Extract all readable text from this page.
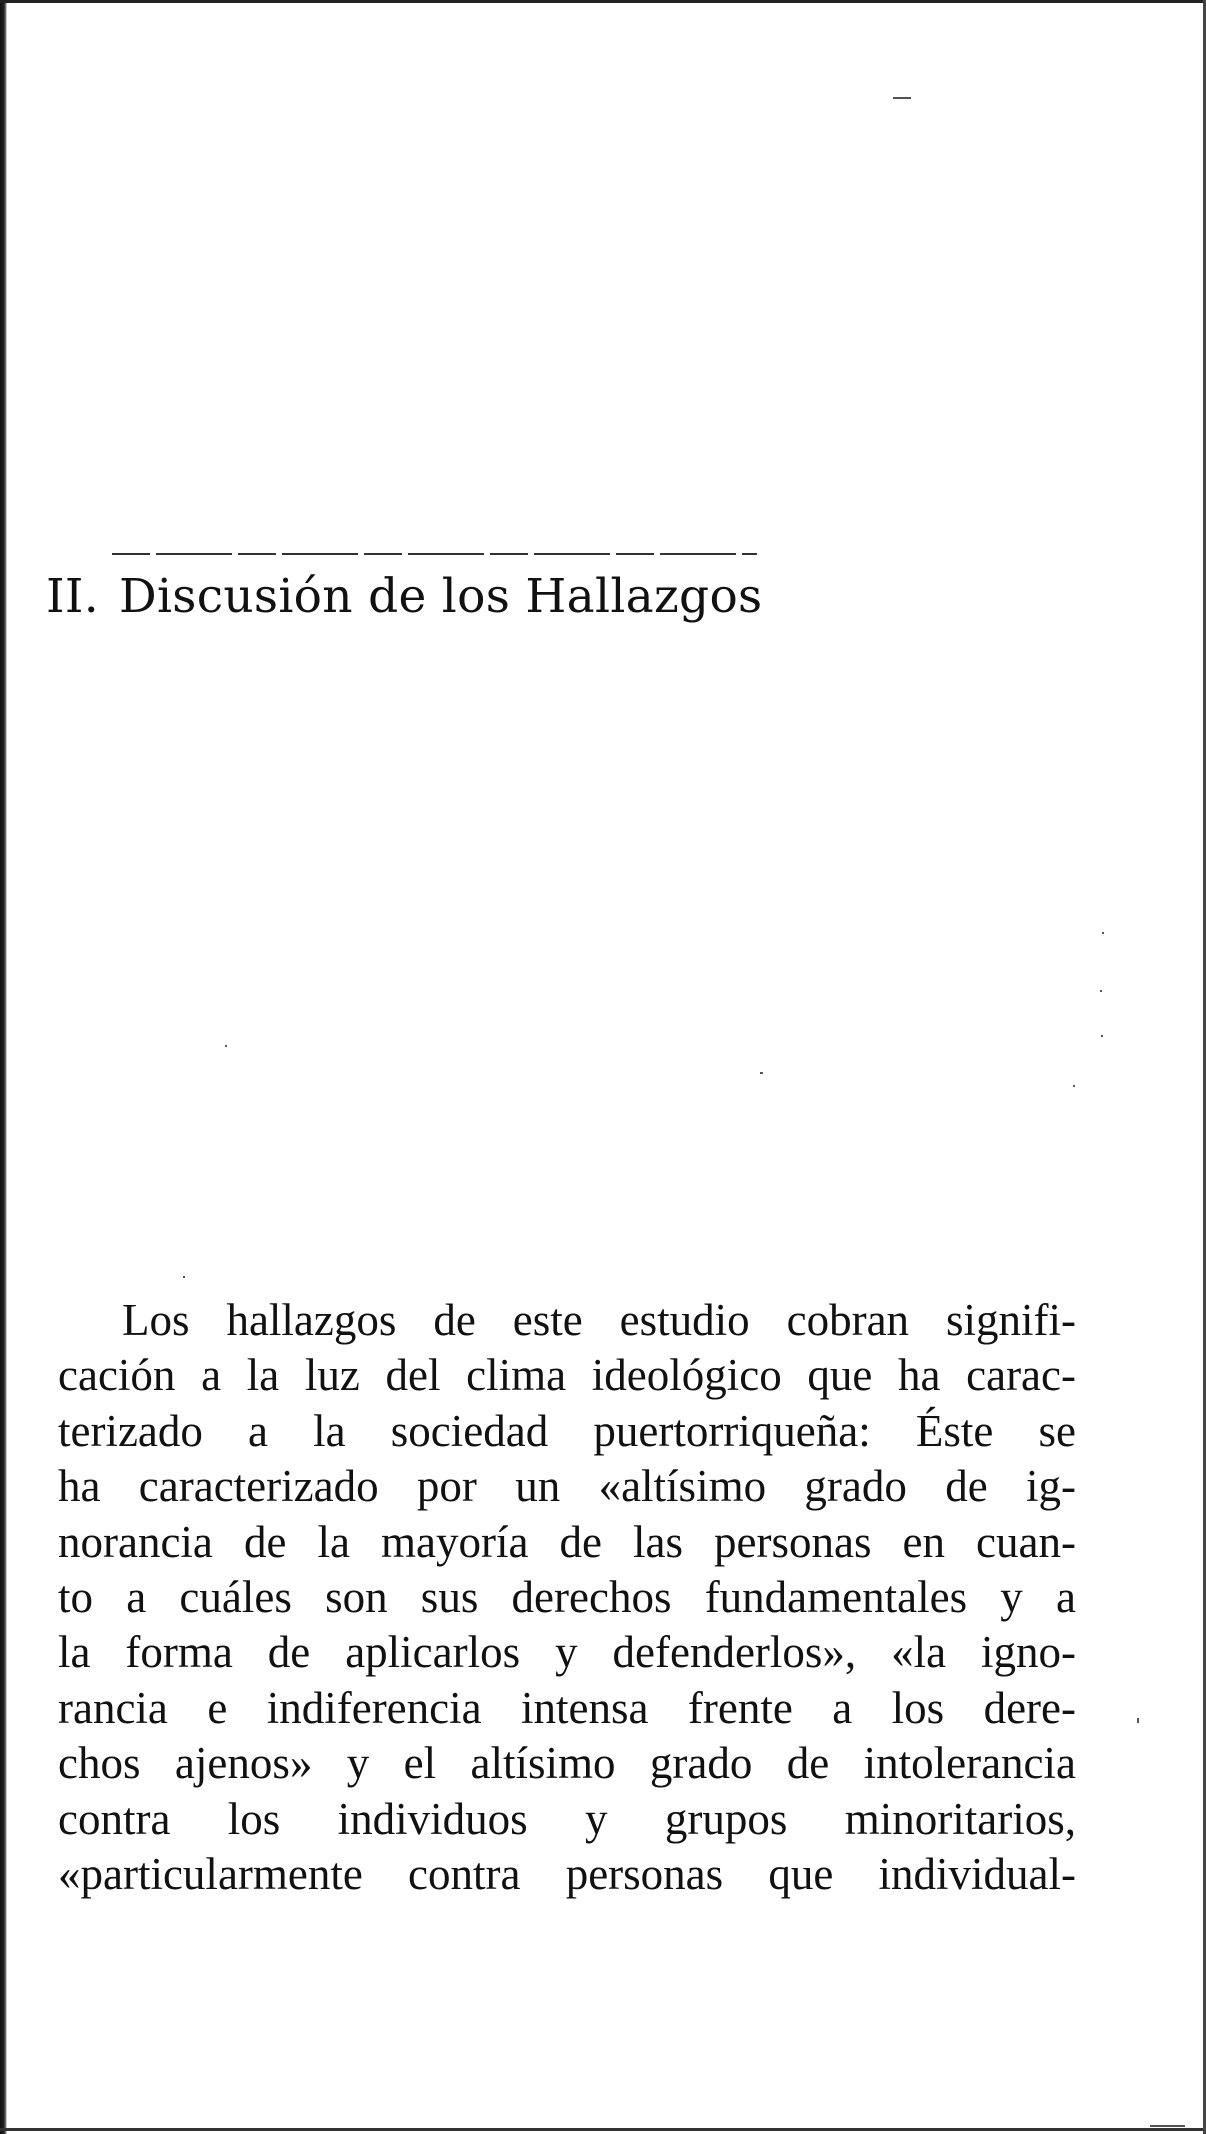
II. Discusión de los Hallazgos
Los hallazgos de este estudio cobran signifi-
cación a la luz del clima ideológico que ha carac-
terizado a la sociedad puertorriqueña: Éste se
ha caracterizado por un «altísimo grado de ig-
norancia de la mayoría de las personas en cuan-
to a cuáles son sus derechos fundamentales y a
la forma de aplicarlos y defenderlos», «la igno-
rancia e indiferencia intensa frente a los dere-
chos ajenos» y el altísimo grado de intolerancia
contra los individuos y grupos minoritarios,
«particularmente contra personas que individual-
